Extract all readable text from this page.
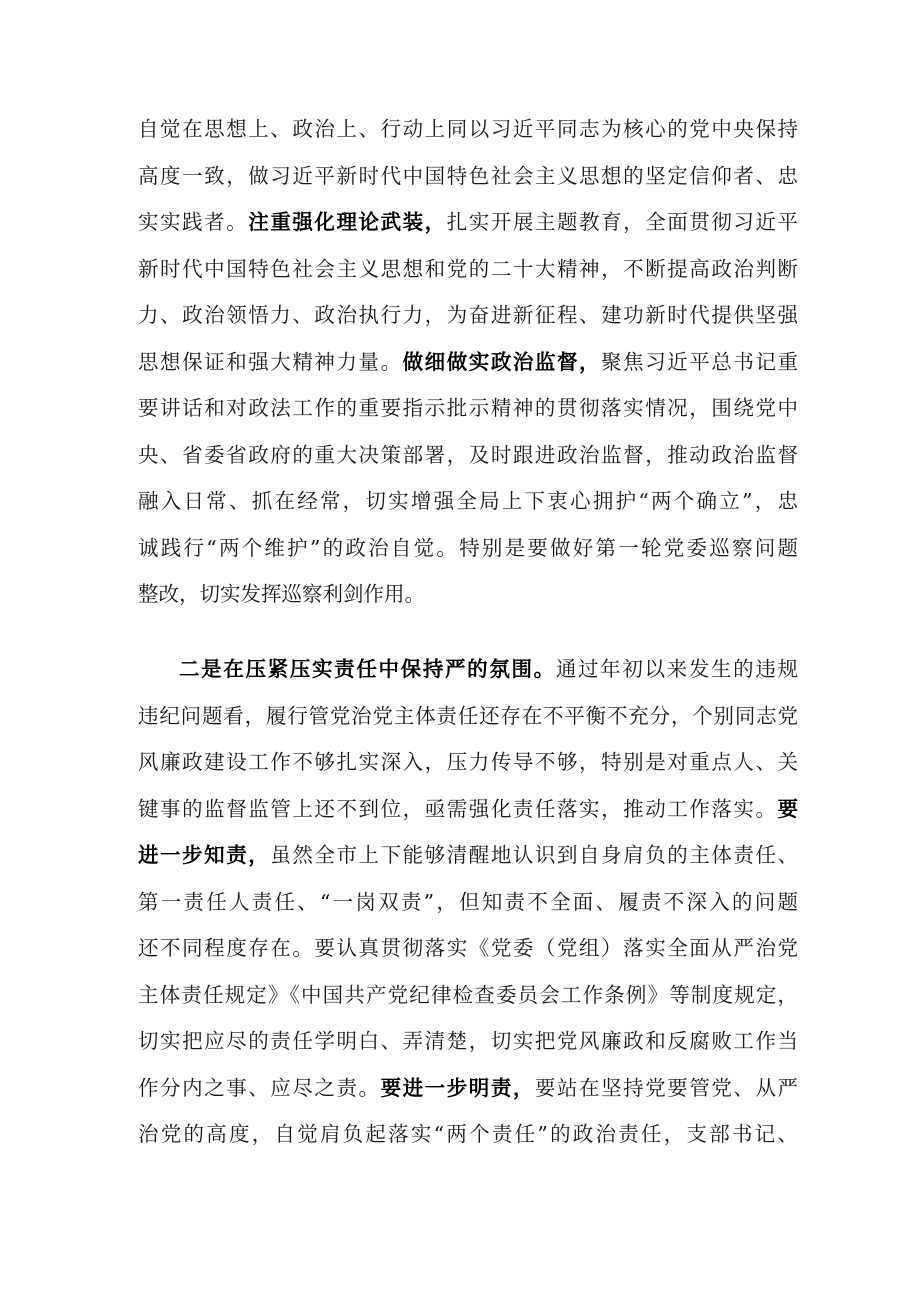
自觉在思想上、政治上、行动上同以习近平同志为核心的党中央保持
高度一致，做习近平新时代中国特色社会主义思想的坚定信仰者、忠
实实践者。注重强化理论武装，扎实开展主题教育，全面贯彻习近平
新时代中国特色社会主义思想和党的二十大精神，不断提高政治判断
力、政治领悟力、政治执行力，为奋进新征程、建功新时代提供坚强
思想保证和强大精神力量。做细做实政治监督，聚焦习近平总书记重
要讲话和对政法工作的重要指示批示精神的贯彻落实情况，围绕党中
央、省委省政府的重大决策部署，及时跟进政治监督，推动政治监督
融入日常、抓在经常，切实增强全局上下衷心拥护“两个确立”，忠
诚践行“两个维护”的政治自觉。特别是要做好第一轮党委巡察问题
整改，切实发挥巡察利剑作用。
二是在压紧压实责任中保持严的氛围。通过年初以来发生的违规
违纪问题看，履行管党治党主体责任还存在不平衡不充分，个别同志党
风廉政建设工作不够扎实深入，压力传导不够，特别是对重点人、关
键事的监督监管上还不到位，亟需强化责任落实，推动工作落实。要
进一步知责，虽然全市上下能够清醒地认识到自身肩负的主体责任、
第一责任人责任、“一岗双责”，但知责不全面、履责不深入的问题
还不同程度存在。要认真贯彻落实《党委（党组）落实全面从严治党
主体责任规定》《中国共产党纪律检查委员会工作条例》等制度规定，
切实把应尽的责任学明白、弄清楚，切实把党风廉政和反腐败工作当
作分内之事、应尽之责。要进一步明责，要站在坚持党要管党、从严
治党的高度，自觉肩负起落实“两个责任”的政治责任，支部书记、
